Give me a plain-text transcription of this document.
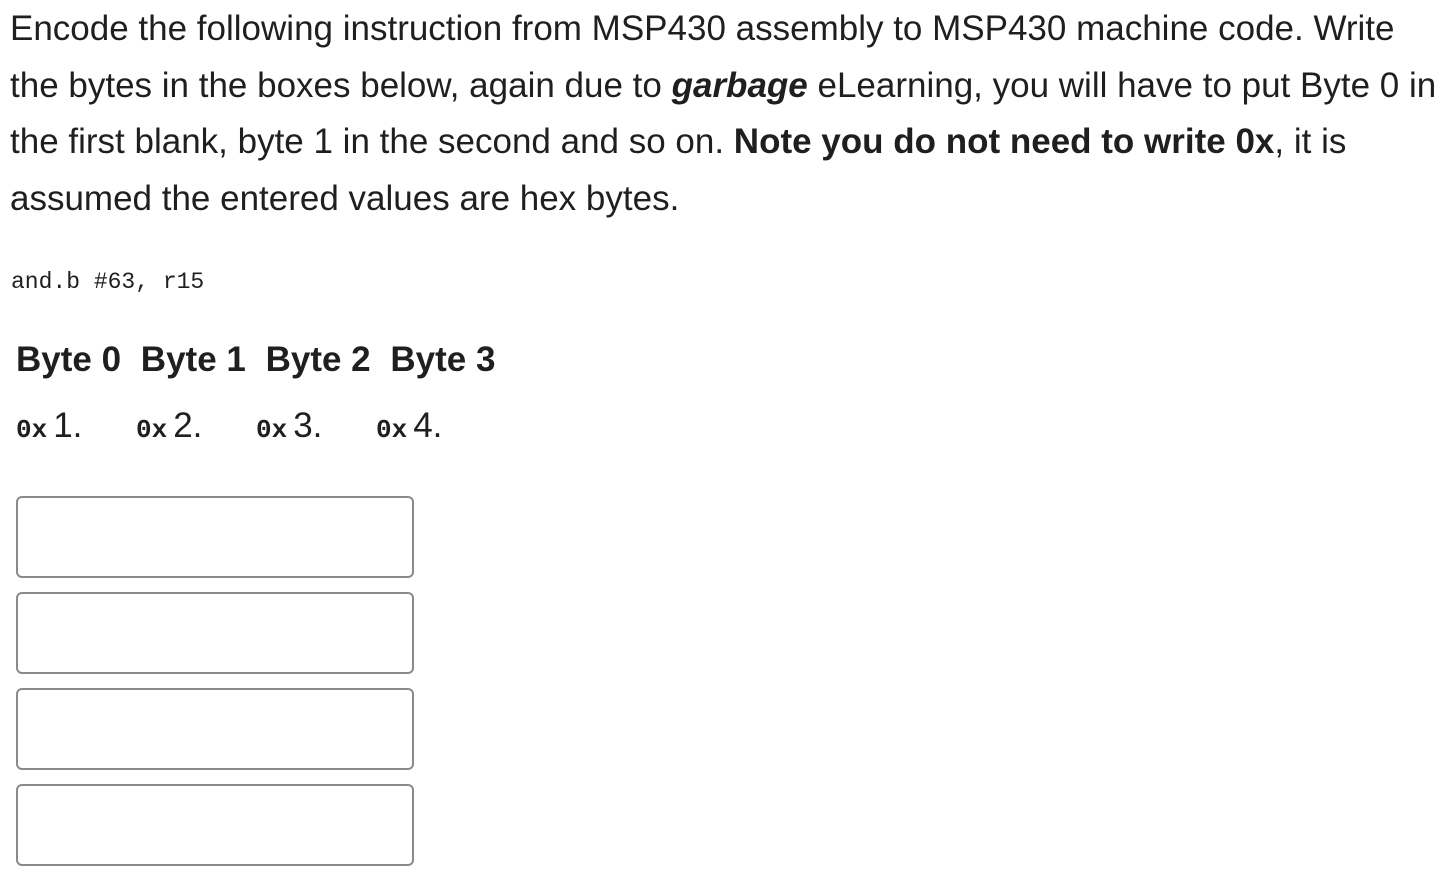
Encode the following instruction from MSP430 assembly to MSP430 machine code. Write the bytes in the boxes below, again due to garbage eLearning, you will have to put Byte 0 in the first blank, byte 1 in the second and so on. Note you do not need to write 0x, it is assumed the entered values are hex bytes.

and.b #63, r15
Byte 0 Byte 1 Byte 2 Byte 3
0x 1. 0x 2. 0x 3. 0x 4.
